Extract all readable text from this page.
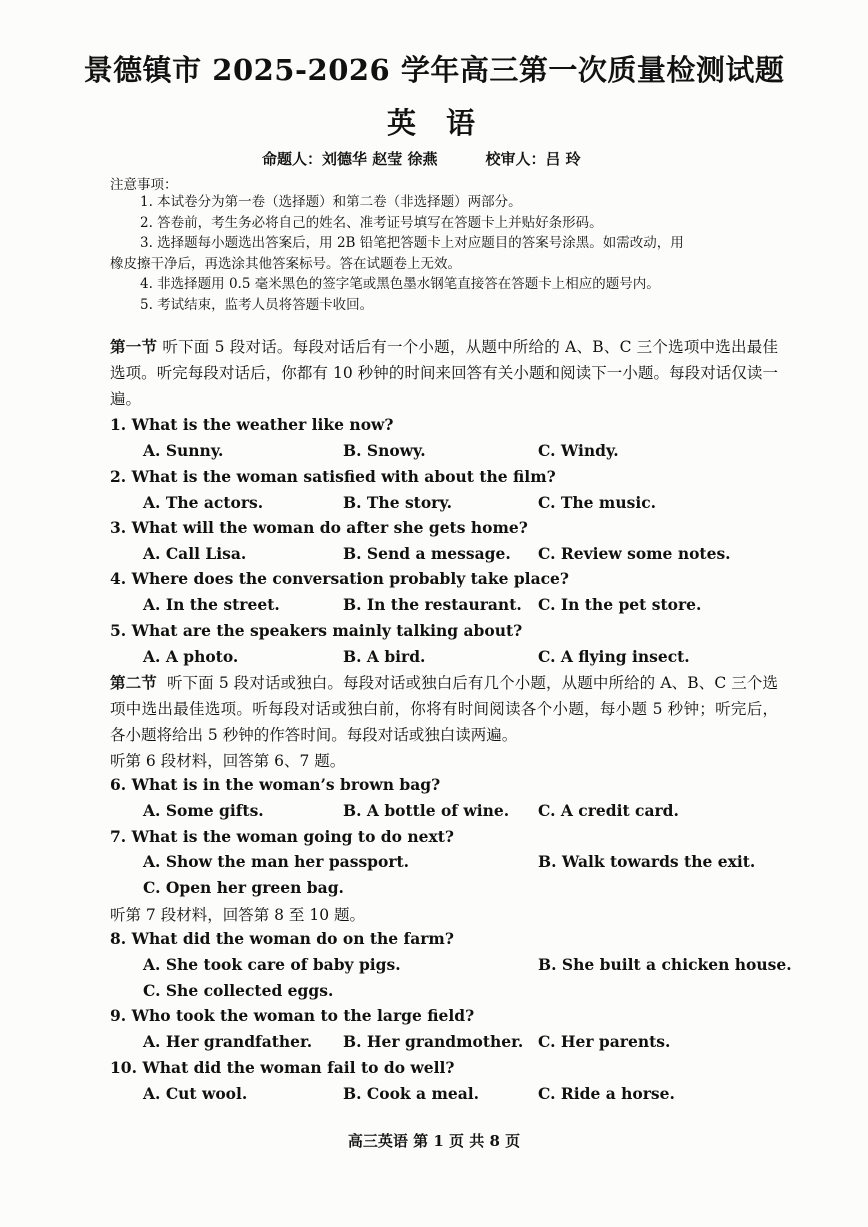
景德镇市 2025-2026 学年高三第一次质量检测试题
英语
命题人：刘德华 赵莹 徐燕	校审人：吕 玲
注意事项：
1. 本试卷分为第一卷（选择题）和第二卷（非选择题）两部分。
2. 答卷前，考生务必将自己的姓名、准考证号填写在答题卡上并贴好条形码。
3. 选择题每小题选出答案后，用 2B 铅笔把答题卡上对应题目的答案号涂黑。如需改动，用
橡皮擦干净后，再选涂其他答案标号。答在试题卷上无效。
4. 非选择题用 0.5 毫米黑色的签字笔或黑色墨水钢笔直接答在答题卡上相应的题号内。
5. 考试结束，监考人员将答题卡收回。
第一节 听下面 5 段对话。每段对话后有一个小题，从题中所给的 A、B、C 三个选项中选出最佳选项。听完每段对话后，你都有 10 秒钟的时间来回答有关小题和阅读下一小题。每段对话仅读一遍。
1. What is the weather like now?
A. Sunny.	B. Snowy.	C. Windy.
2. What is the woman satisfied with about the film?
A. The actors.	B. The story.	C. The music.
3. What will the woman do after she gets home?
A. Call Lisa.	B. Send a message. C. Review some notes.
4. Where does the conversation probably take place?
A. In the street.	B. In the restaurant. C. In the pet store.
5. What are the speakers mainly talking about?
A. A photo.	B. A bird.	C. A flying insect.
第二节 听下面 5 段对话或独白。每段对话或独白后有几个小题，从题中所给的 A、B、C 三个选项中选出最佳选项。听每段对话或独白前，你将有时间阅读各个小题，每小题 5 秒钟；听完后，各小题将给出 5 秒钟的作答时间。每段对话或独白读两遍。
听第 6 段材料，回答第 6、7 题。
6. What is in the woman’s brown bag?
A. Some gifts.	B. A bottle of wine. C. A credit card.
7. What is the woman going to do next?
A. Show the man her passport.	B. Walk towards the exit.
C. Open her green bag.
听第 7 段材料，回答第 8 至 10 题。
8. What did the woman do on the farm?
A. She took care of baby pigs.	B. She built a chicken house.
C. She collected eggs.
9. Who took the woman to the large field?
A. Her grandfather. B. Her grandmother. C. Her parents.
10. What did the woman fail to do well?
A. Cut wool.	B. Cook a meal.	C. Ride a horse.
高三英语 第 1 页 共 8 页
